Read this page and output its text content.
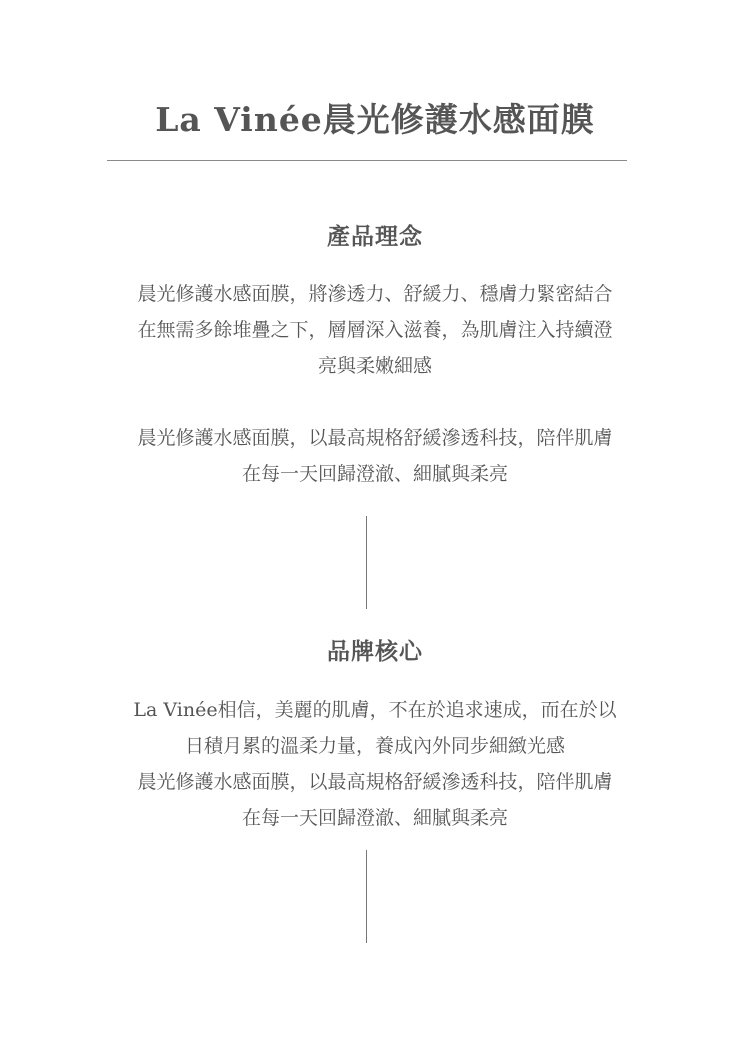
La Vinée晨光修護水感面膜
產品理念

晨光修護水感面膜，將滲透力、舒緩力、穩膚力緊密結合
在無需多餘堆疊之下，層層深入滋養，為肌膚注入持續澄
亮與柔嫩細感

晨光修護水感面膜，以最高規格舒緩滲透科技，陪伴肌膚
在每一天回歸澄澈、細膩與柔亮

品牌核心

La Vinée相信，美麗的肌膚，不在於追求速成，而在於以
日積月累的溫柔力量，養成內外同步細緻光感
晨光修護水感面膜，以最高規格舒緩滲透科技，陪伴肌膚
在每一天回歸澄澈、細膩與柔亮
